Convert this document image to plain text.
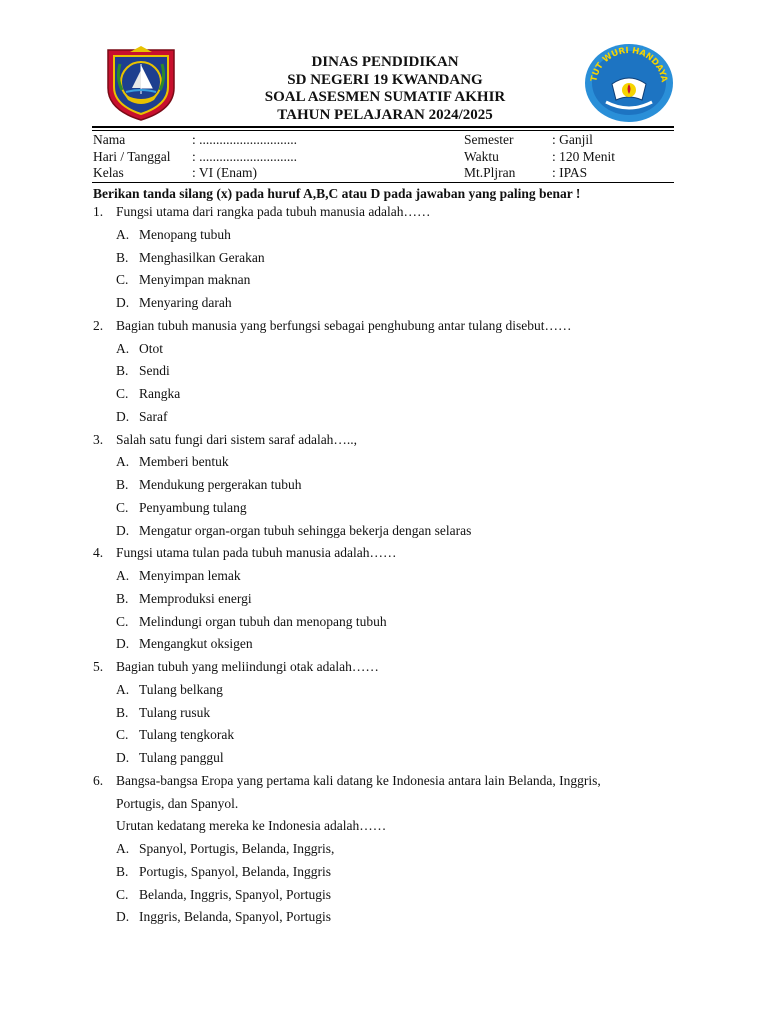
DINAS PENDIDIKAN
SD NEGERI 19 KWANDANG
SOAL ASESMEN SUMATIF AKHIR
TAHUN PELAJARAN 2024/2025
TUT WURI HANDAYA
Nama	: .............................	Semester	: Ganjil
Hari / Tanggal : .............................	Waktu	: 120 Menit
Kelas	: VI (Enam)	Mt.Pljran	: IPAS
Berikan tanda silang (x) pada huruf A,B,C atau D pada jawaban yang paling benar !
1. Fungsi utama dari rangka pada tubuh manusia adalah……
A. Menopang tubuh
B. Menghasilkan Gerakan
C. Menyimpan maknan
D. Menyaring darah
2. Bagian tubuh manusia yang berfungsi sebagai penghubung antar tulang disebut……
A. Otot
B. Sendi
C. Rangka
D. Saraf
3. Salah satu fungi dari sistem saraf adalah…..,
A. Memberi bentuk
B. Mendukung pergerakan tubuh
C. Penyambung tulang
D. Mengatur organ-organ tubuh sehingga bekerja dengan selaras
4. Fungsi utama tulan pada tubuh manusia adalah……
A. Menyimpan lemak
B. Memproduksi energi
C. Melindungi organ tubuh dan menopang tubuh
D. Mengangkut oksigen
5. Bagian tubuh yang meliindungi otak adalah……
A. Tulang belkang
B. Tulang rusuk
C. Tulang tengkorak
D. Tulang panggul
6. Bangsa-bangsa Eropa yang pertama kali datang ke Indonesia antara lain Belanda, Inggris,
Portugis, dan Spanyol.
Urutan kedatang mereka ke Indonesia adalah……
A. Spanyol, Portugis, Belanda, Inggris,
B. Portugis, Spanyol, Belanda, Inggris
C. Belanda, Inggris, Spanyol, Portugis
D. Inggris, Belanda, Spanyol, Portugis
